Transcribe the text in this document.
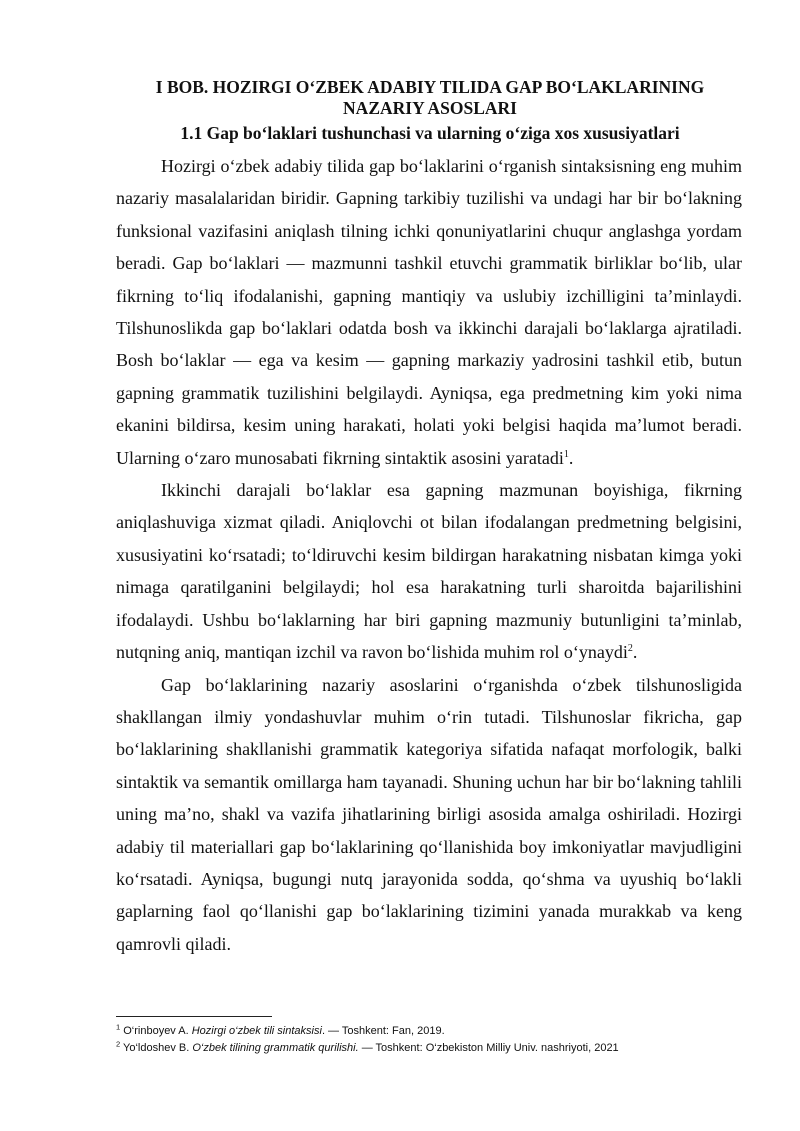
I BOB. HOZIRGI O‘ZBEK ADABIY TILIDA GAP BO‘LAKLARINING
NAZARIY ASOSLARI
1.1 Gap bo‘laklari tushunchasi va ularning o‘ziga xos xususiyatlari

Hozirgi o‘zbek adabiy tilida gap bo‘laklarini o‘rganish sintaksisning eng muhim nazariy masalalaridan biridir. Gapning tarkibiy tuzilishi va undagi har bir bo‘lakning funksional vazifasini aniqlash tilning ichki qonuniyatlarini chuqur anglashga yordam beradi. Gap bo‘laklari — mazmunni tashkil etuvchi grammatik birliklar bo‘lib, ular fikrning to‘liq ifodalanishi, gapning mantiqiy va uslubiy izchilligini ta’minlaydi. Tilshunoslikda gap bo‘laklari odatda bosh va ikkinchi darajali bo‘laklarga ajratiladi. Bosh bo‘laklar — ega va kesim — gapning markaziy yadrosini tashkil etib, butun gapning grammatik tuzilishini belgilaydi. Ayniqsa, ega predmetning kim yoki nima ekanini bildirsa, kesim uning harakati, holati yoki belgisi haqida ma’lumot beradi. Ularning o‘zaro munosabati fikrning sintaktik asosini yaratadi$^1$.

Ikkinchi darajali bo‘laklar esa gapning mazmunan boyishiga, fikrning aniqlashuviga xizmat qiladi. Aniqlovchi ot bilan ifodalangan predmetning belgisini, xususiyatini ko‘rsatadi; to‘ldiruvchi kesim bildirgan harakatning nisbatan kimga yoki nimaga qaratilganini belgilaydi; hol esa harakatning turli sharoitda bajarilishini ifodalaydi. Ushbu bo‘laklarning har biri gapning mazmuniy butunligini ta’minlab, nutqning aniq, mantiqan izchil va ravon bo‘lishida muhim rol o‘ynaydi$^2$.

Gap bo‘laklarining nazariy asoslarini o‘rganishda o‘zbek tilshunosligida shakllangan ilmiy yondashuvlar muhim o‘rin tutadi. Tilshunoslar fikricha, gap bo‘laklarining shakllanishi grammatik kategoriya sifatida nafaqat morfologik, balki sintaktik va semantik omillarga ham tayanadi. Shuning uchun har bir bo‘lakning tahlili uning ma’no, shakl va vazifa jihatlarining birligi asosida amalga oshiriladi. Hozirgi adabiy til materiallari gap bo‘laklarining qo‘llanishida boy imkoniyatlar mavjudligini ko‘rsatadi. Ayniqsa, bugungi nutq jarayonida sodda, qo‘shma va uyushiq bo‘lakli gaplarning faol qo‘llanishi gap bo‘laklarining tizimini yanada murakkab va keng qamrovli qiladi.

$^1$ O‘rinboyev A. Hozirgi o‘zbek tili sintaksisi. — Toshkent: Fan, 2019.
$^2$ Yo‘ldoshev B. O‘zbek tilining grammatik qurilishi. — Toshkent: O‘zbekiston Milliy Univ. nashriyoti, 2021
